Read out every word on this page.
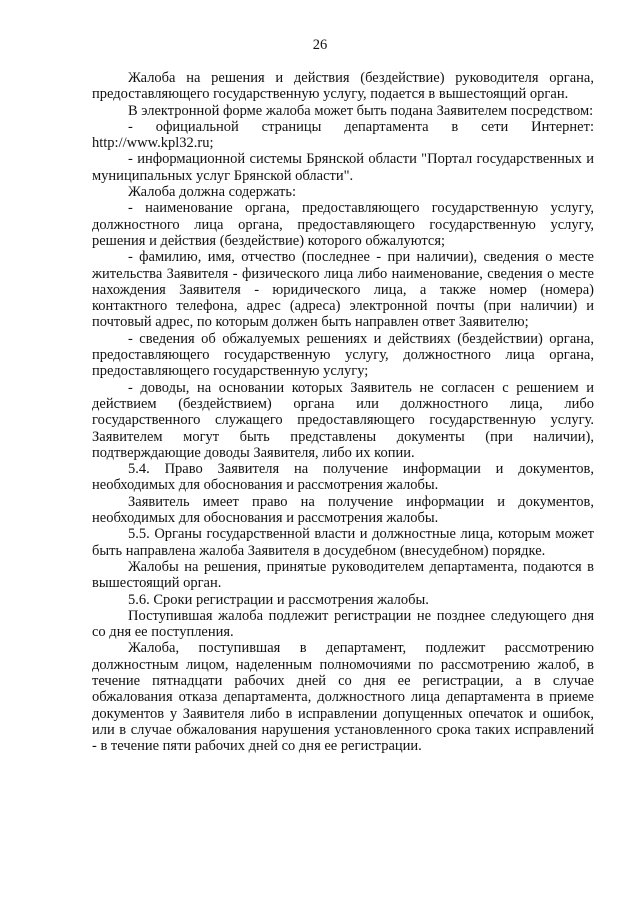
26

Жалоба на решения и действия (бездействие) руководителя органа, предоставляющего государственную услугу, подается в вышестоящий орган.

В электронной форме жалоба может быть подана Заявителем посредством:

- официальной страницы департамента в сети Интернет: http://www.kpl32.ru;

- информационной системы Брянской области "Портал государственных и муниципальных услуг Брянской области".

Жалоба должна содержать:

- наименование органа, предоставляющего государственную услугу, должностного лица органа, предоставляющего государственную услугу, решения и действия (бездействие) которого обжалуются;

- фамилию, имя, отчество (последнее - при наличии), сведения о месте жительства Заявителя - физического лица либо наименование, сведения о месте нахождения Заявителя - юридического лица, а также номер (номера) контактного телефона, адрес (адреса) электронной почты (при наличии) и почтовый адрес, по которым должен быть направлен ответ Заявителю;

- сведения об обжалуемых решениях и действиях (бездействии) органа, предоставляющего государственную услугу, должностного лица органа, предоставляющего государственную услугу;

- доводы, на основании которых Заявитель не согласен с решением и действием (бездействием) органа или должностного лица, либо государственного служащего предоставляющего государственную услугу. Заявителем могут быть представлены документы (при наличии), подтверждающие доводы Заявителя, либо их копии.

5.4. Право Заявителя на получение информации и документов, необходимых для обоснования и рассмотрения жалобы.

Заявитель имеет право на получение информации и документов, необходимых для обоснования и рассмотрения жалобы.

5.5. Органы государственной власти и должностные лица, которым может быть направлена жалоба Заявителя в досудебном (внесудебном) порядке.

Жалобы на решения, принятые руководителем департамента, подаются в вышестоящий орган.

5.6. Сроки регистрации и рассмотрения жалобы.

Поступившая жалоба подлежит регистрации не позднее следующего дня со дня ее поступления.

Жалоба, поступившая в департамент, подлежит рассмотрению должностным лицом, наделенным полномочиями по рассмотрению жалоб, в течение пятнадцати рабочих дней со дня ее регистрации, а в случае обжалования отказа департамента, должностного лица департамента в приеме документов у Заявителя либо в исправлении допущенных опечаток и ошибок, или в случае обжалования нарушения установленного срока таких исправлений - в течение пяти рабочих дней со дня ее регистрации.
